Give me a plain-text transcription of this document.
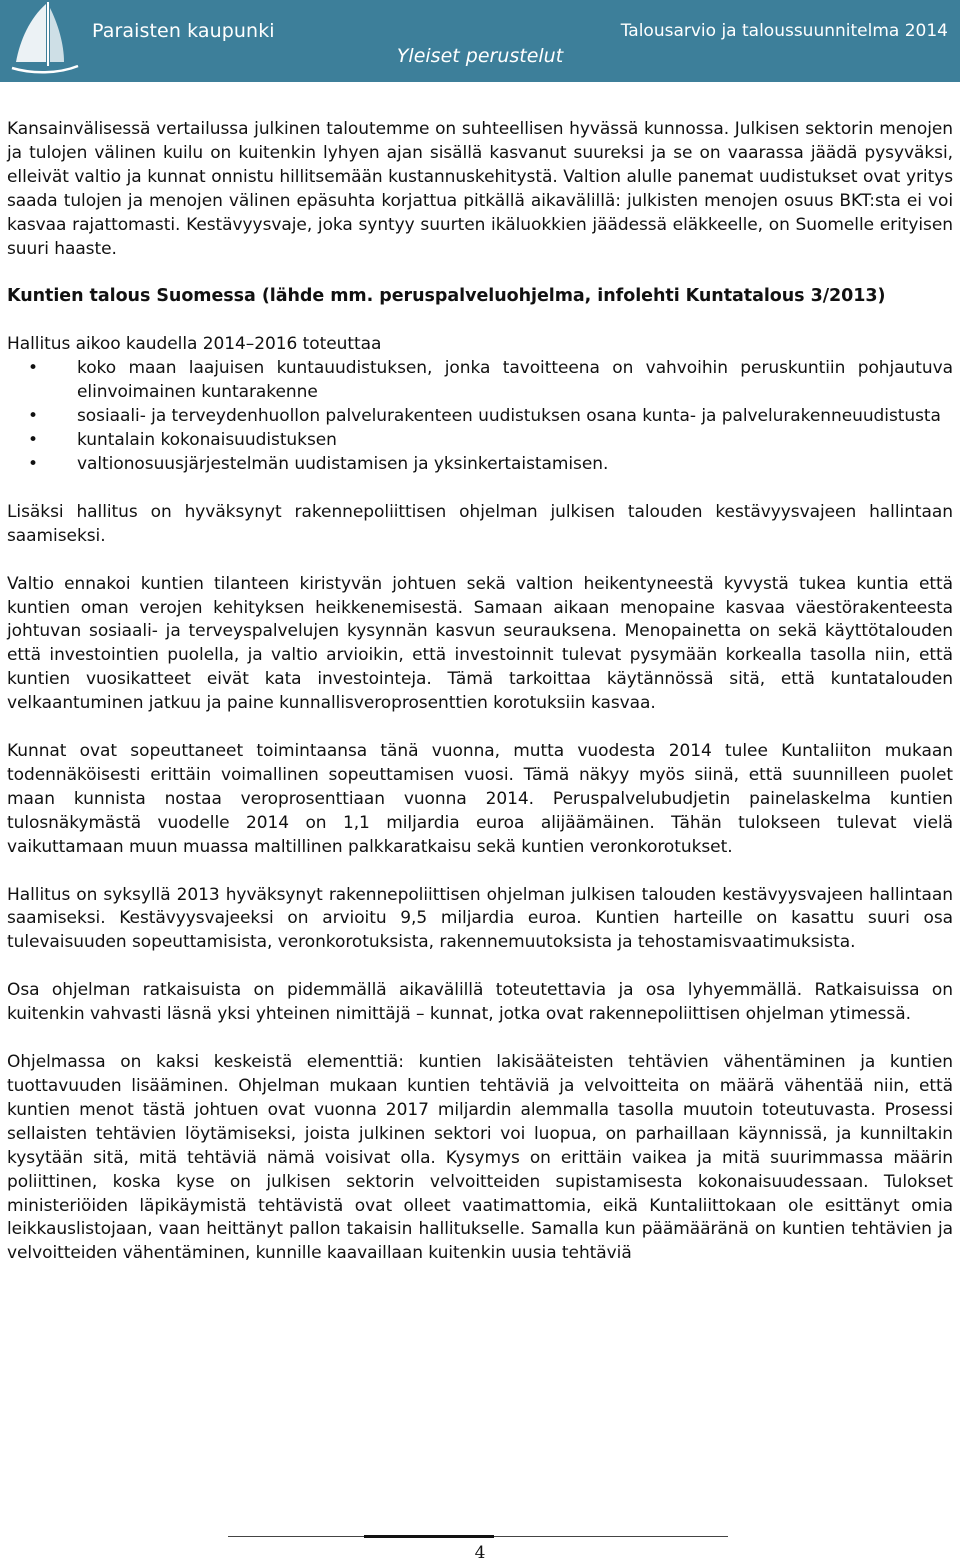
Paraisten kaupunki	Talousarvio ja taloussuunnitelma 2014
Yleiset perustelut

Kansainvälisessä vertailussa julkinen taloutemme on suhteellisen hyvässä kunnossa. Julkisen sektorin menojen ja tulojen välinen kuilu on kuitenkin lyhyen ajan sisällä kasvanut suureksi ja se on vaarassa jäädä pysyväksi, elleivät valtio ja kunnat onnistu hillitsemään kustannuskehitystä. Valtion alulle panemat uudistukset ovat yritys saada tulojen ja menojen välinen epäsuhta korjattua pitkällä aikavälillä: julkisten menojen osuus BKT:sta ei voi kasvaa rajattomasti. Kestävyysvaje, joka syntyy suurten ikäluokkien jäädessä eläkkeelle, on Suomelle erityisen suuri haaste.

Kuntien talous Suomessa (lähde mm. peruspalveluohjelma, infolehti Kuntatalous 3/2013)

Hallitus aikoo kaudella 2014–2016 toteuttaa

• koko maan laajuisen kuntauudistuksen, jonka tavoitteena on vahvoihin peruskuntiin pohjautuva elinvoimainen kuntarakenne
• sosiaali- ja terveydenhuollon palvelurakenteen uudistuksen osana kunta- ja palvelurakenneuudistusta
• kuntalain kokonaisuudistuksen
• valtionosuusjärjestelmän uudistamisen ja yksinkertaistamisen.

Lisäksi hallitus on hyväksynyt rakennepoliittisen ohjelman julkisen talouden kestävyysvajeen hallintaan saamiseksi.

Valtio ennakoi kuntien tilanteen kiristyvän johtuen sekä valtion heikentyneestä kyvystä tukea kuntia että kuntien oman verojen kehityksen heikkenemisestä. Samaan aikaan menopaine kasvaa väestörakenteesta johtuvan sosiaali- ja terveyspalvelujen kysynnän kasvun seurauksena. Menopainetta on sekä käyttötalouden että investointien puolella, ja valtio arvioikin, että investoinnit tulevat pysymään korkealla tasolla niin, että kuntien vuosikatteet eivät kata investointeja. Tämä tarkoittaa käytännössä sitä, että kuntatalouden velkaantuminen jatkuu ja paine kunnallisveroprosenttien korotuksiin kasvaa.

Kunnat ovat sopeuttaneet toimintaansa tänä vuonna, mutta vuodesta 2014 tulee Kuntaliiton mukaan todennäköisesti erittäin voimallinen sopeuttamisen vuosi. Tämä näkyy myös siinä, että suunnilleen puolet maan kunnista nostaa veroprosenttiaan vuonna 2014. Peruspalvelubudjetin painelaskelma kuntien tulosnäkymästä vuodelle 2014 on 1,1 miljardia euroa alijäämäinen. Tähän tulokseen tulevat vielä vaikuttamaan muun muassa maltillinen palkkaratkaisu sekä kuntien veronkorotukset.

Hallitus on syksyllä 2013 hyväksynyt rakennepoliittisen ohjelman julkisen talouden kestävyysvajeen hallintaan saamiseksi. Kestävyysvajeeksi on arvioitu 9,5 miljardia euroa. Kuntien harteille on kasattu suuri osa tulevaisuuden sopeuttamisista, veronkorotuksista, rakennemuutoksista ja tehostamisvaatimuksista.

Osa ohjelman ratkaisuista on pidemmällä aikavälillä toteutettavia ja osa lyhyemmällä. Ratkaisuissa on kuitenkin vahvasti läsnä yksi yhteinen nimittäjä – kunnat, jotka ovat rakennepoliittisen ohjelman ytimessä.

Ohjelmassa on kaksi keskeistä elementtiä: kuntien lakisääteisten tehtävien vähentäminen ja kuntien tuottavuuden lisääminen. Ohjelman mukaan kuntien tehtäviä ja velvoitteita on määrä vähentää niin, että kuntien menot tästä johtuen ovat vuonna 2017 miljardin alemmalla tasolla muutoin toteutuvasta. Prosessi sellaisten tehtävien löytämiseksi, joista julkinen sektori voi luopua, on parhaillaan käynnissä, ja kunniltakin kysytään sitä, mitä tehtäviä nämä voisivat olla. Kysymys on erittäin vaikea ja mitä suurimmassa määrin poliittinen, koska kyse on julkisen sektorin velvoitteiden supistamisesta kokonaisuudessaan. Tulokset ministeriöiden läpikäymistä tehtävistä ovat olleet vaatimattomia, eikä Kuntaliittokaan ole esittänyt omia leikkauslistojaan, vaan heittänyt pallon takaisin hallitukselle. Samalla kun päämääränä on kuntien tehtävien ja velvoitteiden vähentäminen, kunnille kaavaillaan kuitenkin uusia tehtäviä

4
